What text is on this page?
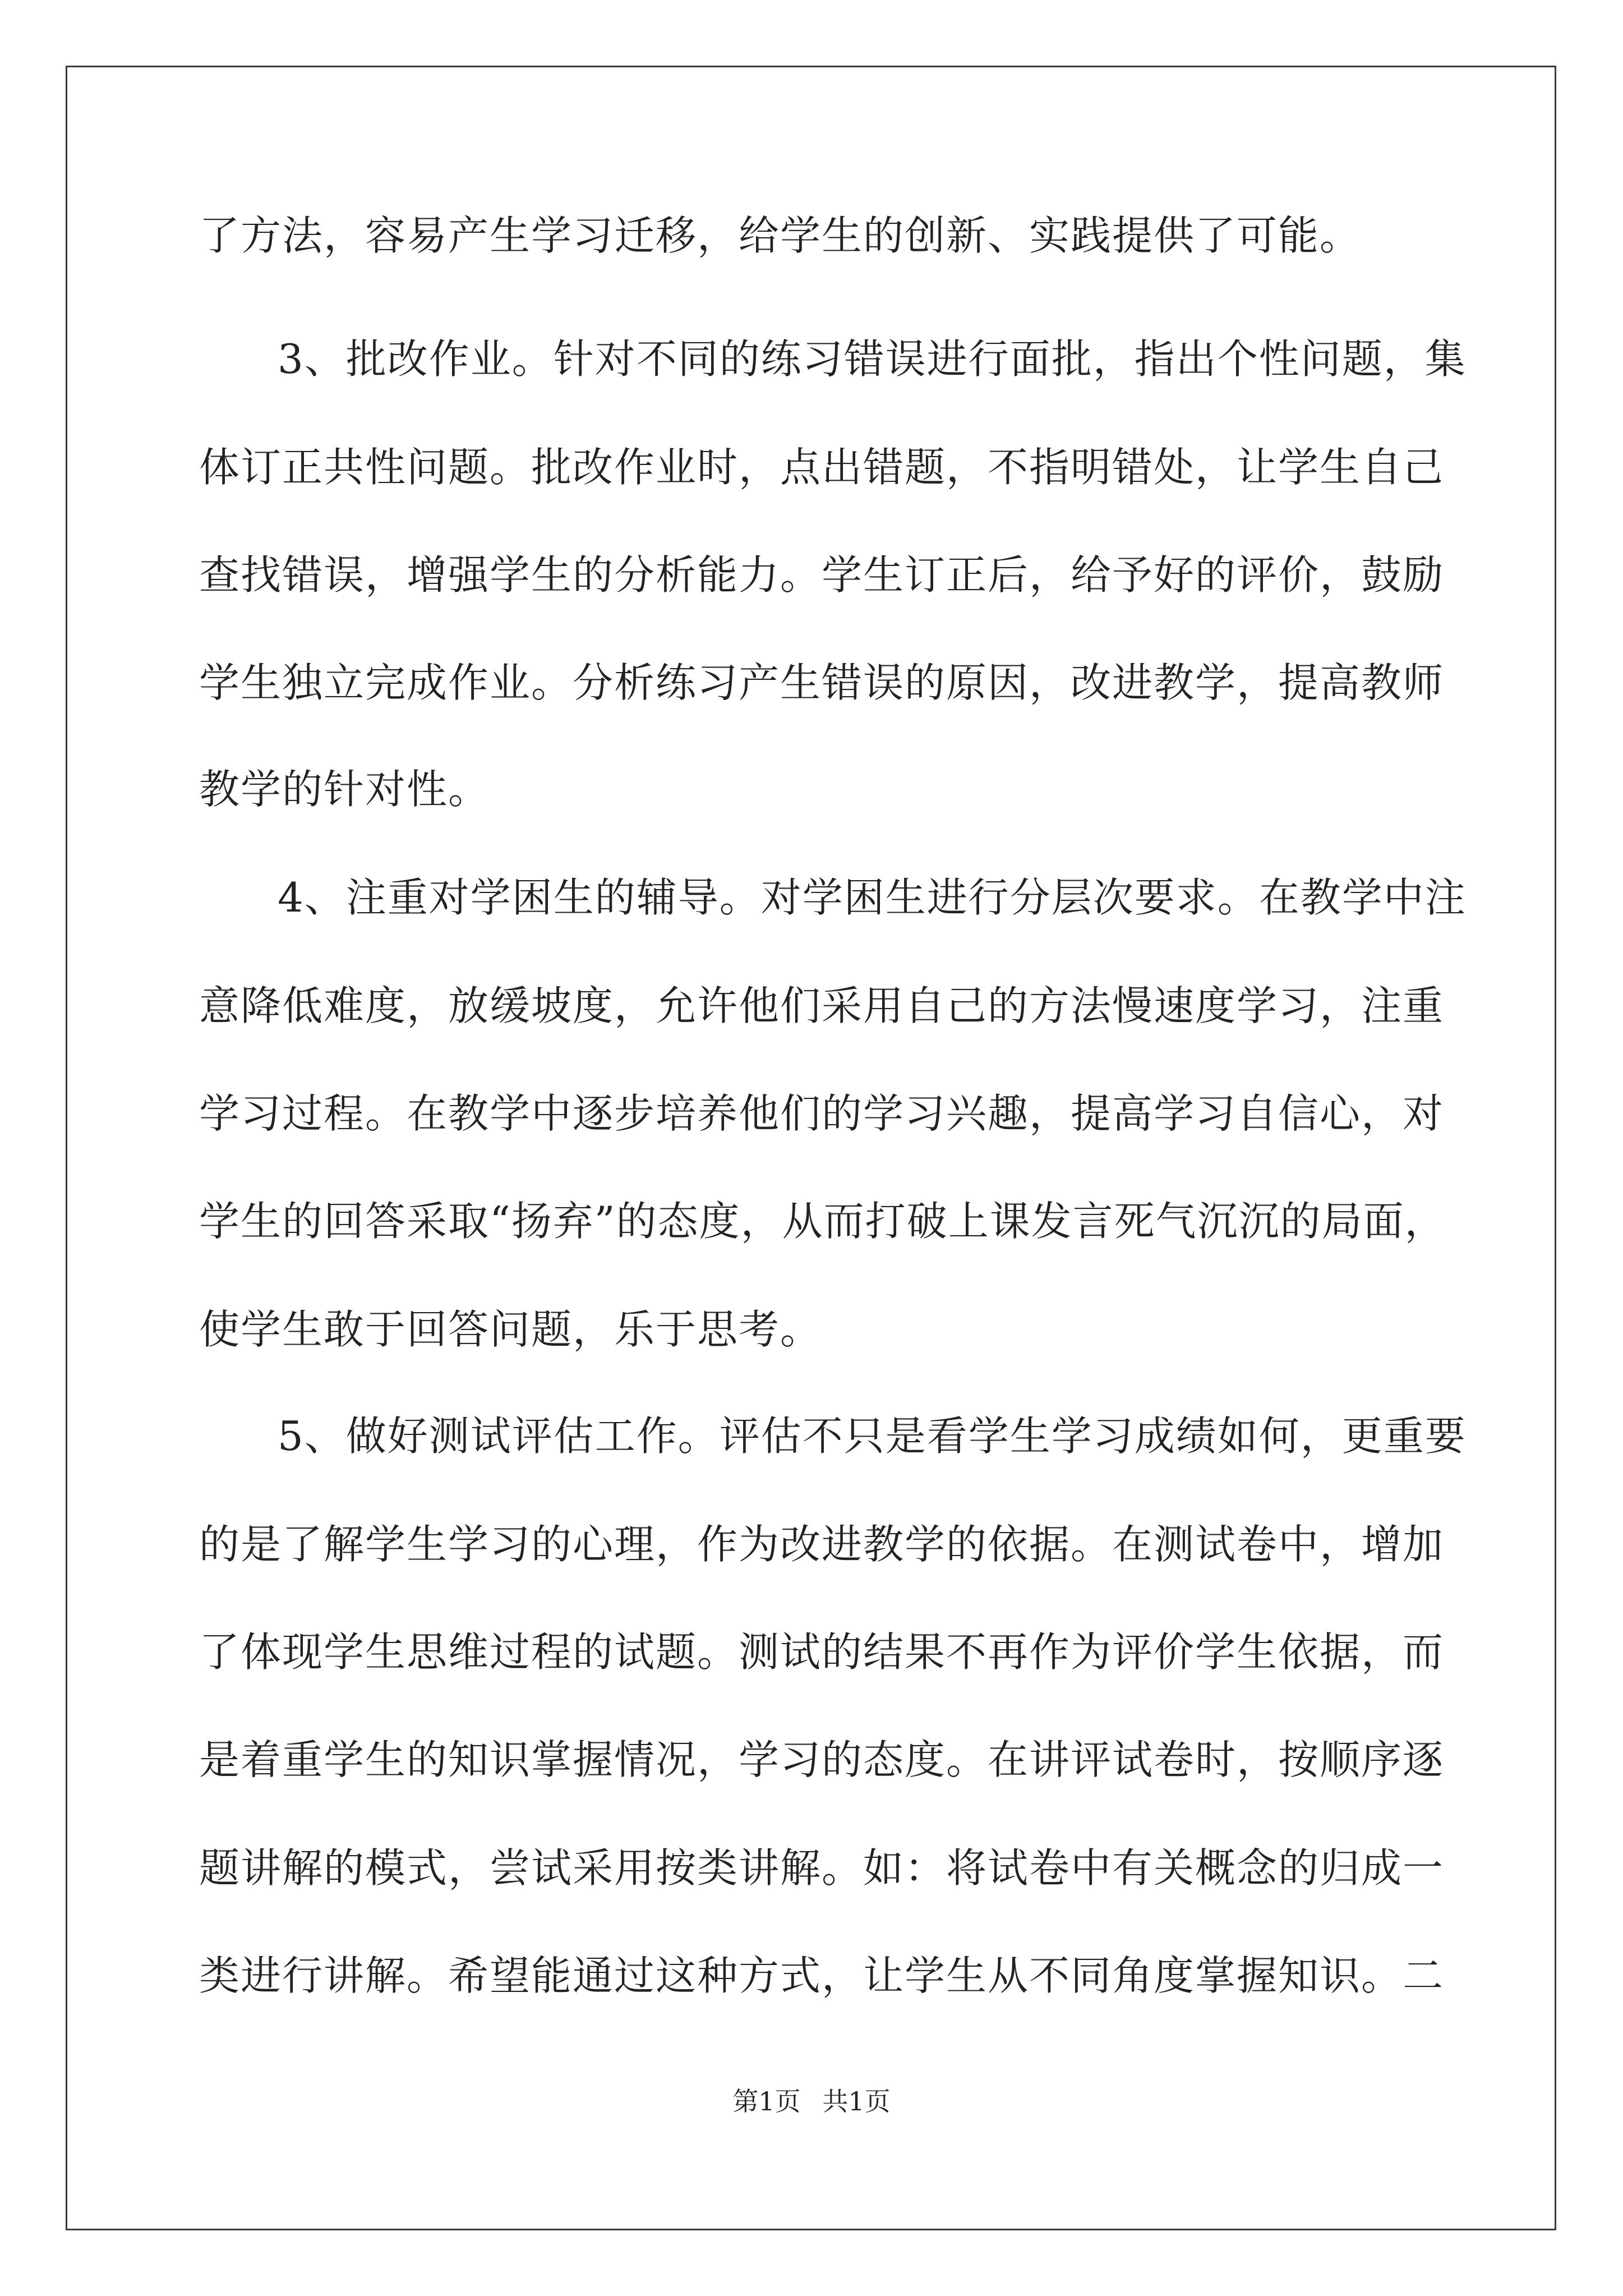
了方法，容易产生学习迁移，给学生的创新、实践提供了可能。
3、批改作业。针对不同的练习错误进行面批，指出个性问题，集
体订正共性问题。批改作业时，点出错题，不指明错处，让学生自己
查找错误，增强学生的分析能力。学生订正后，给予好的评价，鼓励
学生独立完成作业。分析练习产生错误的原因，改进教学，提高教师
教学的针对性。
4、注重对学困生的辅导。对学困生进行分层次要求。在教学中注
意降低难度，放缓坡度，允许他们采用自己的方法慢速度学习，注重
学习过程。在教学中逐步培养他们的学习兴趣，提高学习自信心，对
学生的回答采取“扬弃”的态度，从而打破上课发言死气沉沉的局面，
使学生敢于回答问题，乐于思考。
5、做好测试评估工作。评估不只是看学生学习成绩如何，更重要
的是了解学生学习的心理，作为改进教学的依据。在测试卷中，增加
了体现学生思维过程的试题。测试的结果不再作为评价学生依据，而
是着重学生的知识掌握情况，学习的态度。在讲评试卷时，按顺序逐
题讲解的模式，尝试采用按类讲解。如：将试卷中有关概念的归成一
类进行讲解。希望能通过这种方式，让学生从不同角度掌握知识。二
第1页 共1页
